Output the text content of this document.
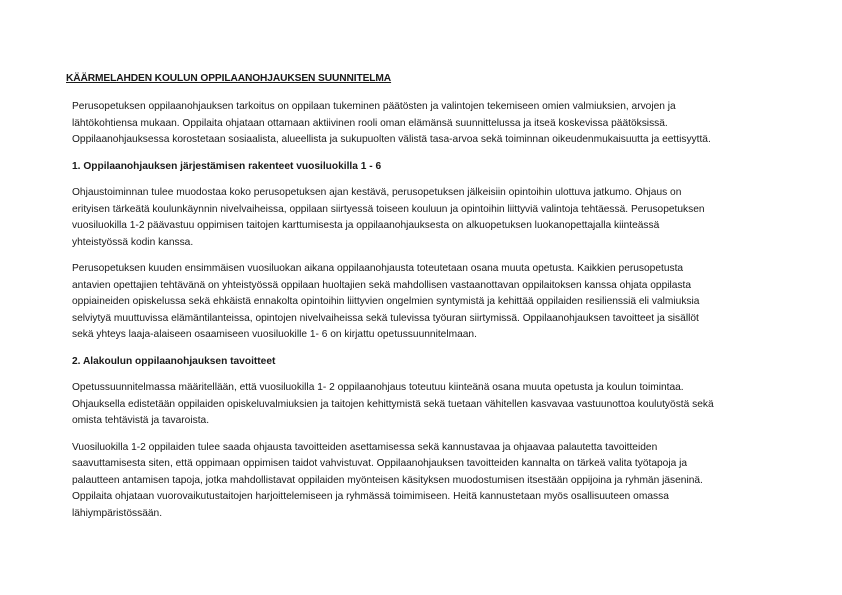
KÄÄRMELAHDEN KOULUN OPPILAANOHJAUKSEN SUUNNITELMA

Perusopetuksen oppilaanohjauksen tarkoitus on oppilaan tukeminen päätösten ja valintojen tekemiseen omien valmiuksien, arvojen ja
lähtökohtiensa mukaan. Oppilaita ohjataan ottamaan aktiivinen rooli oman elämänsä suunnittelussa ja itseä koskevissa päätöksissä.
Oppilaanohjauksessa korostetaan sosiaalista, alueellista ja sukupuolten välistä tasa-arvoa sekä toiminnan oikeudenmukaisuutta ja eettisyyttä.

1. Oppilaanohjauksen järjestämisen rakenteet vuosiluokilla 1 - 6

Ohjaustoiminnan tulee muodostaa koko perusopetuksen ajan kestävä, perusopetuksen jälkeisiin opintoihin ulottuva jatkumo. Ohjaus on
erityisen tärkeätä koulunkäynnin nivelvaiheissa, oppilaan siirtyessä toiseen kouluun ja opintoihin liittyviä valintoja tehtäessä. Perusopetuksen
vuosiluokilla 1-2 päävastuu oppimisen taitojen karttumisesta ja oppilaanohjauksesta on alkuopetuksen luokanopettajalla kiinteässä
yhteistyössä kodin kanssa.

Perusopetuksen kuuden ensimmäisen vuosiluokan aikana oppilaanohjausta toteutetaan osana muuta opetusta. Kaikkien perusopetusta
antavien opettajien tehtävänä on yhteistyössä oppilaan huoltajien sekä mahdollisen vastaanottavan oppilaitoksen kanssa ohjata oppilasta
oppiaineiden opiskelussa sekä ehkäistä ennakolta opintoihin liittyvien ongelmien syntymistä ja kehittää oppilaiden resilienssiä eli valmiuksia
selviytyä muuttuvissa elämäntilanteissa, opintojen nivelvaiheissa sekä tulevissa työuran siirtymissä. Oppilaanohjauksen tavoitteet ja sisällöt
sekä yhteys laaja-alaiseen osaamiseen vuosiluokille 1- 6 on kirjattu opetussuunnitelmaan.

2. Alakoulun oppilaanohjauksen tavoitteet

Opetussuunnitelmassa määritellään, että vuosiluokilla 1- 2 oppilaanohjaus toteutuu kiinteänä osana muuta opetusta ja koulun toimintaa.
Ohjauksella edistetään oppilaiden opiskeluvalmiuksien ja taitojen kehittymistä sekä tuetaan vähitellen kasvavaa vastuunottoa koulutyöstä sekä
omista tehtävistä ja tavaroista.

Vuosiluokilla 1-2 oppilaiden tulee saada ohjausta tavoitteiden asettamisessa sekä kannustavaa ja ohjaavaa palautetta tavoitteiden
saavuttamisesta siten, että oppimaan oppimisen taidot vahvistuvat. Oppilaanohjauksen tavoitteiden kannalta on tärkeä valita työtapoja ja
palautteen antamisen tapoja, jotka mahdollistavat oppilaiden myönteisen käsityksen muodostumisen itsestään oppijoina ja ryhmän jäseninä.
Oppilaita ohjataan vuorovaikutustaitojen harjoittelemiseen ja ryhmässä toimimiseen. Heitä kannustetaan myös osallisuuteen omassa
lähiympäristössään.
